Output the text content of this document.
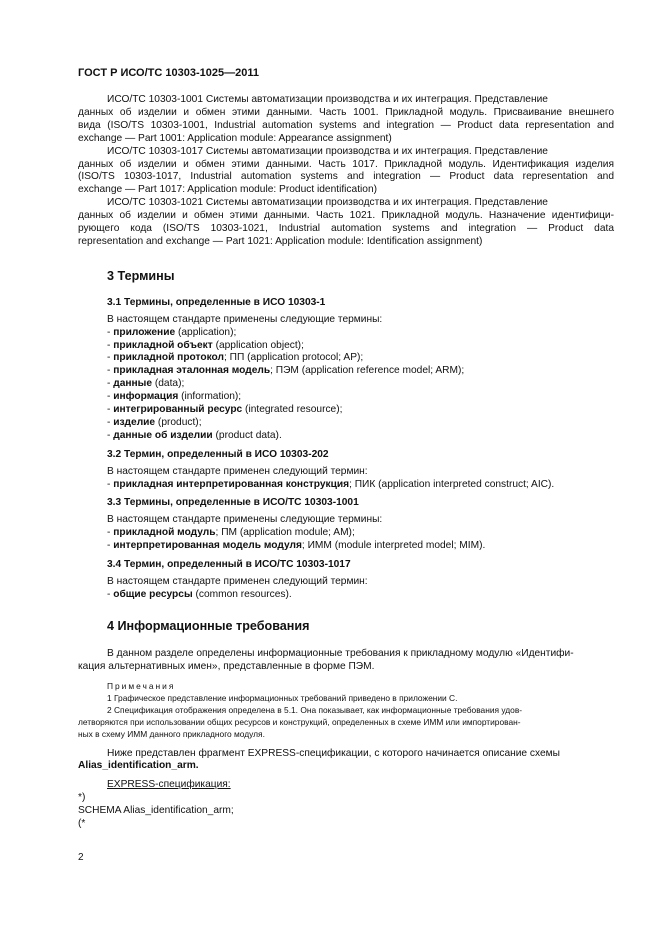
ГОСТ Р ИСО/ТС 10303-1025—2011

ИСО/ТС 10303-1001 Системы автоматизации производства и их интеграция. Представление

данных об изделии и обмен этими данными. Часть 1001. Прикладной модуль. Присваивание внешнего

вида (ISO/TS 10303-1001, Industrial automation systems and integration — Product data representation and

exchange — Part 1001: Application module: Appearance assignment)

ИСО/ТС 10303-1017 Системы автоматизации производства и их интеграция. Представление

данных об изделии и обмен этими данными. Часть 1017. Прикладной модуль. Идентификация изделия

(ISO/TS 10303-1017, Industrial automation systems and integration — Product data representation and

exchange — Part 1017: Application module: Product identification)

ИСО/ТС 10303-1021 Системы автоматизации производства и их интеграция. Представление

данных об изделии и обмен этими данными. Часть 1021. Прикладной модуль. Назначение идентифици-

рующего кода (ISO/TS 10303-1021, Industrial automation systems and integration — Product data

representation and exchange — Part 1021: Application module: Identification assignment)

3 Термины

3.1 Термины, определенные в ИСО 10303-1

В настоящем стандарте применены следующие термины:

- приложение (application);
- прикладной объект (application object);
- прикладной протокол; ПП (application protocol; AP);
- прикладная эталонная модель; ПЭМ (application reference model; ARM);
- данные (data);
- информация (information);
- интегрированный ресурс (integrated resource);
- изделие (product);
- данные об изделии (product data).

3.2 Термин, определенный в ИСО 10303-202

В настоящем стандарте применен следующий термин:

- прикладная интерпретированная конструкция; ПИК (application interpreted construct; AIC).

3.3 Термины, определенные в ИСО/ТС 10303-1001

В настоящем стандарте применены следующие термины:

- прикладной модуль; ПМ (application module; AM);
- интерпретированная модель модуля; ИММ (module interpreted model; MIM).

3.4 Термин, определенный в ИСО/ТС 10303-1017

В настоящем стандарте применен следующий термин:

- общие ресурсы (common resources).

4 Информационные требования

В данном разделе определены информационные требования к прикладному модулю «Идентифи-

кация альтернативных имен», представленные в форме ПЭМ.

Примечания

1 Графическое представление информационных требований приведено в приложении С.

2 Спецификация отображения определена в 5.1. Она показывает, как информационные требования удов-

летворяются при использовании общих ресурсов и конструкций, определенных в схеме ИММ или импортирован-

ных в схему ИММ данного прикладного модуля.

Ниже представлен фрагмент EXPRESS-спецификации, с которого начинается описание схемы

Alias_identification_arm.

EXPRESS-спецификация:

*)

SCHEMA Alias_identification_arm;

(*

2
